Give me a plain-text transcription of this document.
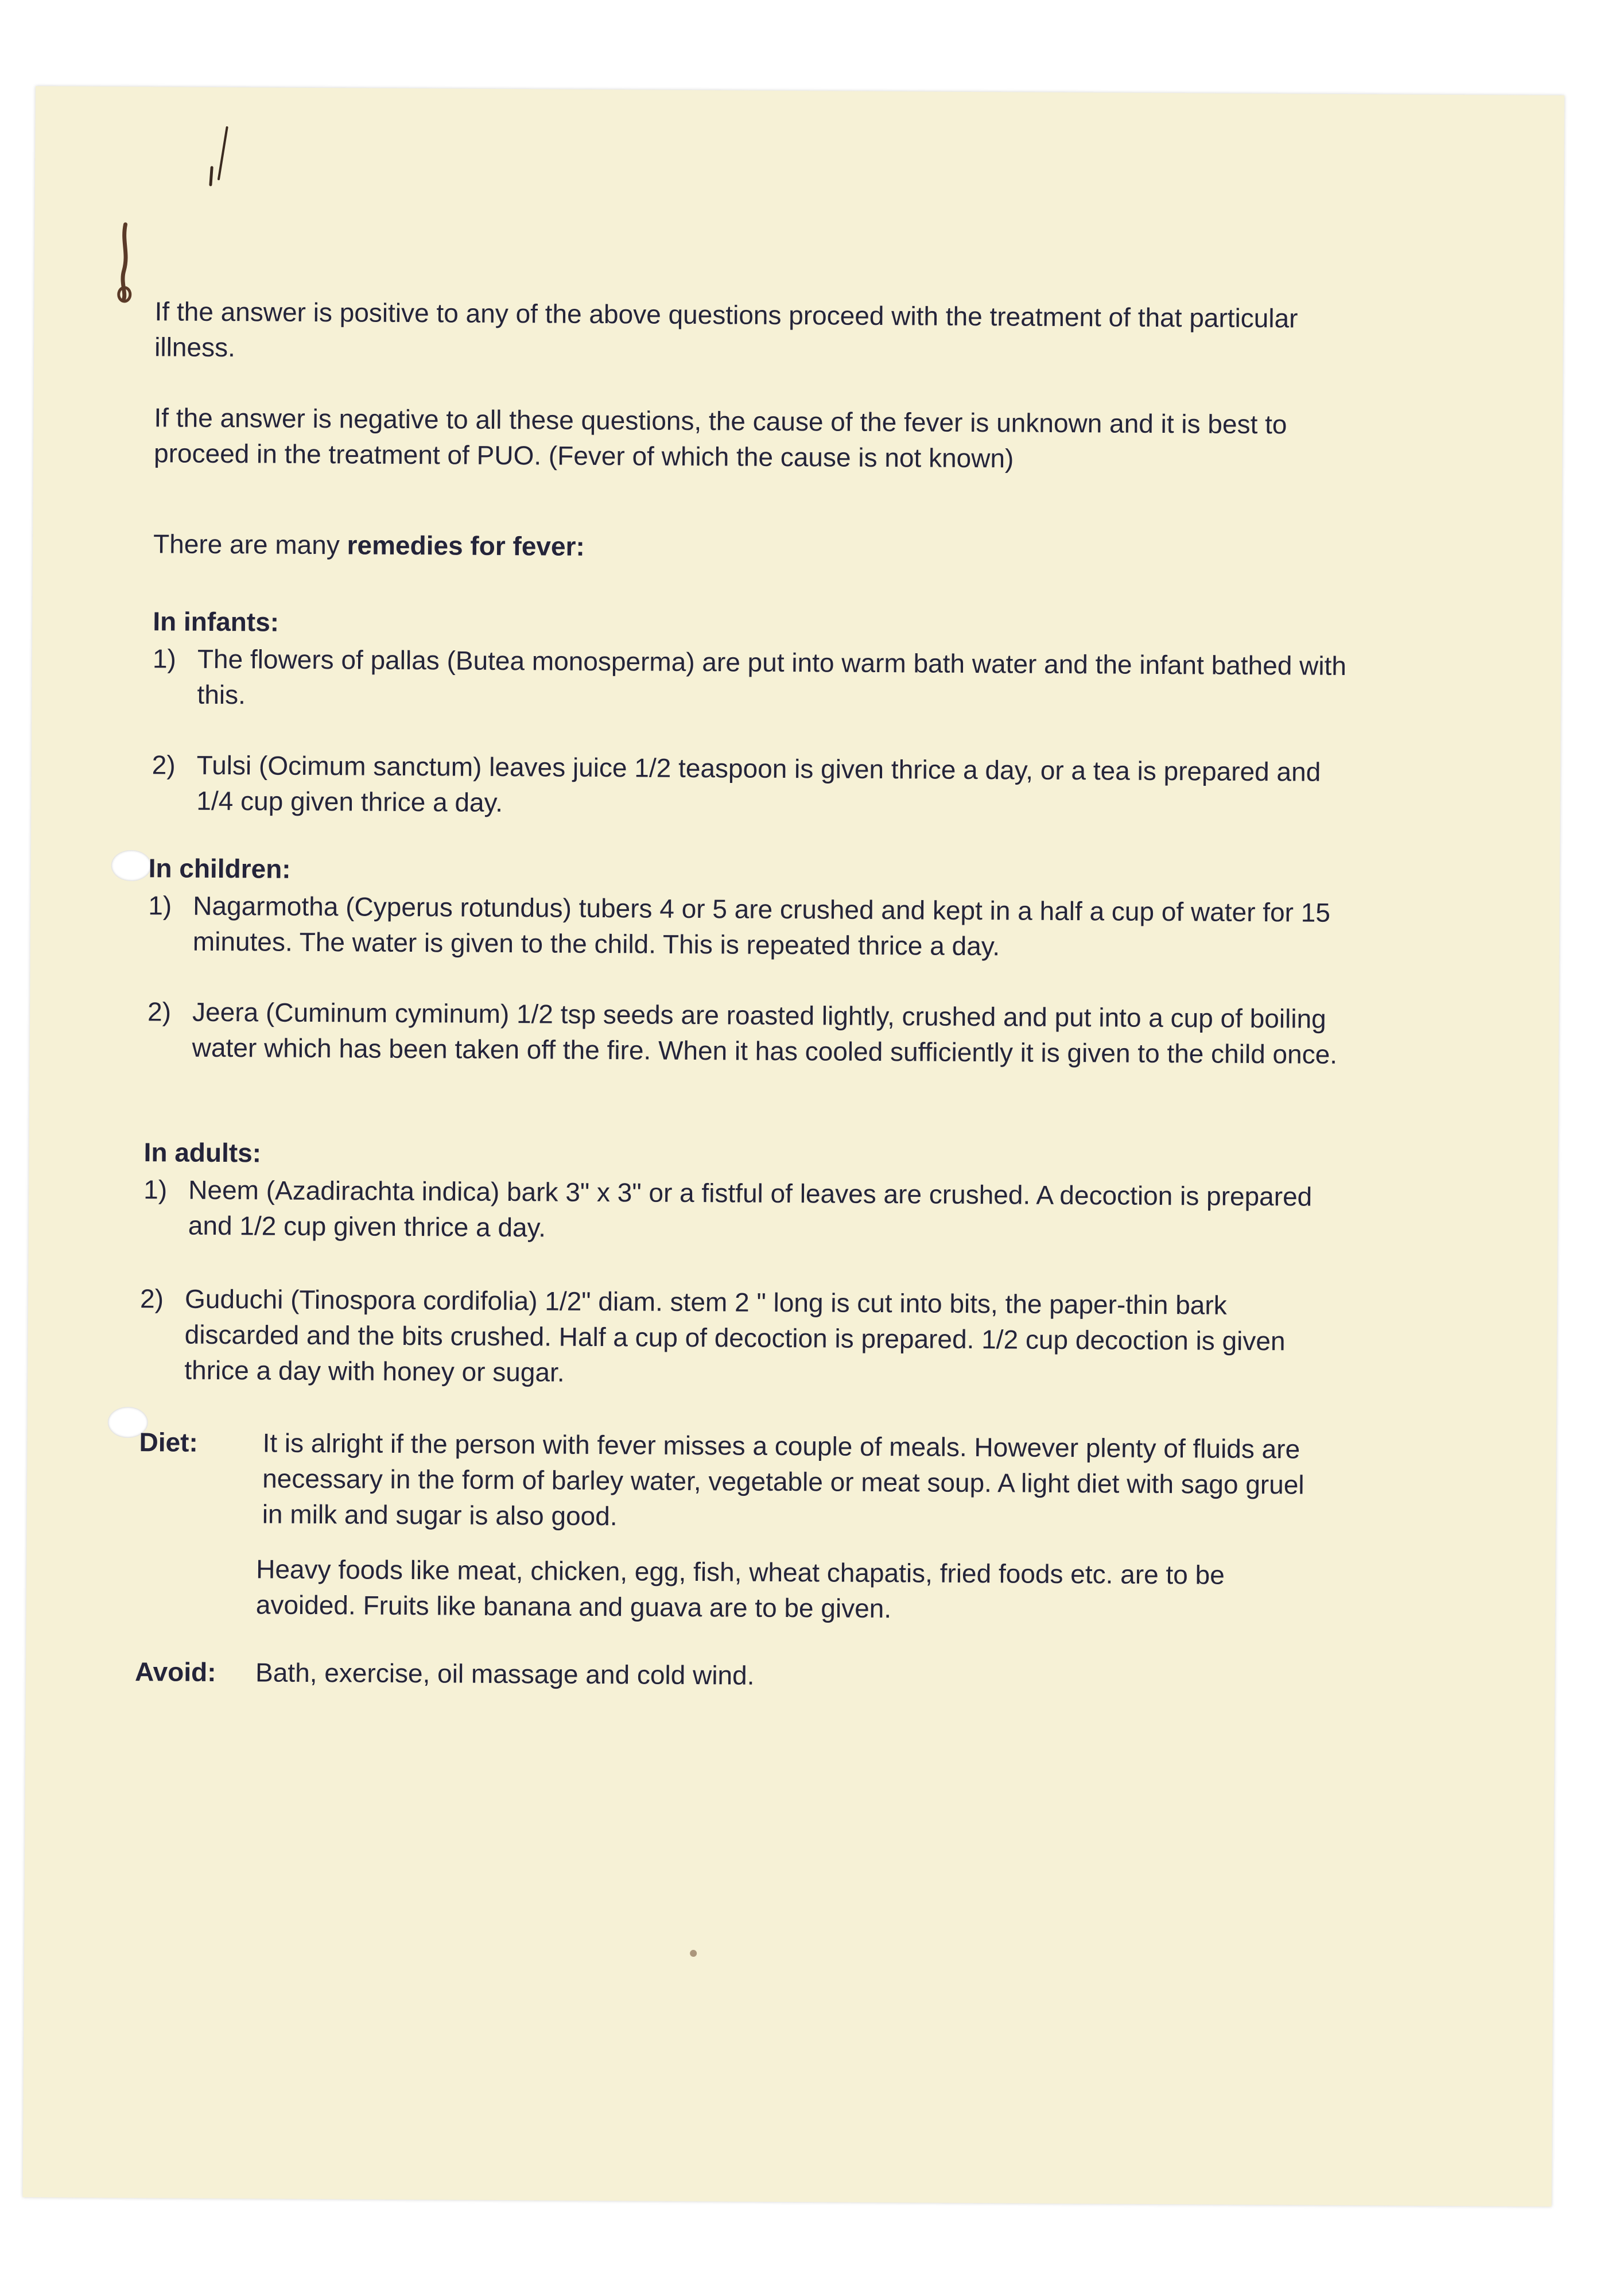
If the answer is positive to any of the above questions proceed with the treatment of that particular illness.

If the answer is negative to all these questions, the cause of the fever is unknown and it is best to proceed in the treatment of PUO. (Fever of which the cause is not known)

There are many remedies for fever:

In infants:

1) The flowers of pallas (Butea monosperma) are put into warm bath water and the infant bathed with this.
2) Tulsi (Ocimum sanctum) leaves juice 1/2 teaspoon is given thrice a day, or a tea is prepared and 1/4 cup given thrice a day.

In children:

1) Nagarmotha (Cyperus rotundus) tubers 4 or 5 are crushed and kept in a half a cup of water for 15 minutes. The water is given to the child. This is repeated thrice a day.
2) Jeera (Cuminum cyminum) 1/2 tsp seeds are roasted lightly, crushed and put into a cup of boiling water which has been taken off the fire. When it has cooled sufficiently it is given to the child once.

In adults:

1) Neem (Azadirachta indica) bark 3" x 3" or a fistful of leaves are crushed. A decoction is prepared and 1/2 cup given thrice a day.
2) Guduchi (Tinospora cordifolia) 1/2" diam. stem 2 " long is cut into bits, the paper-thin bark discarded and the bits crushed. Half a cup of decoction is prepared. 1/2 cup decoction is given thrice a day with honey or sugar.
Diet: It is alright if the person with fever misses a couple of meals. However plenty of fluids are necessary in the form of barley water, vegetable or meat soup. A light diet with sago gruel in milk and sugar is also good.

Heavy foods like meat, chicken, egg, fish, wheat chapatis, fried foods etc. are to be avoided. Fruits like banana and guava are to be given.

Avoid: Bath, exercise, oil massage and cold wind.
